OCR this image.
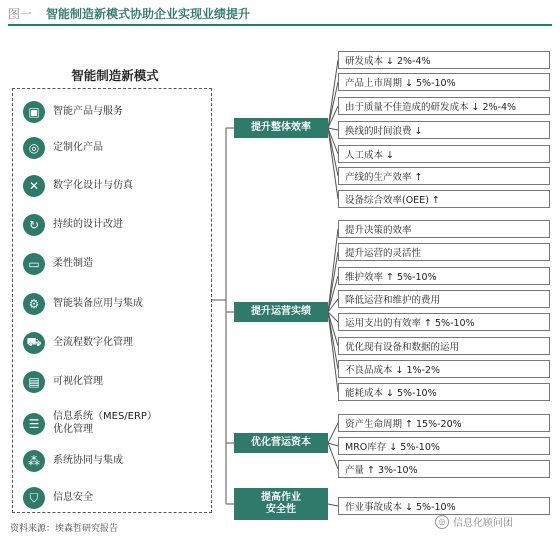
图一 智能制造新模式协助企业实现业绩提升
智能制造新模式
▣	智能产品与服务
◎	定制化产品
✕	数字化设计与仿真
↻	持续的设计改进
▭	柔性制造
⚙	智能装备应用与集成
⛟	全流程数字化管理
▤	可视化管理
☰	信息系统（MES/ERP）
优化管理
⁂	系统协同与集成
⛉	信息安全
提升整体效率
研发成本 ↓ 2%-4%
产品上市周期 ↓ 5%-10%
由于质量不佳造成的研发成本 ↓ 2%-4%
换线的时间浪费 ↓
人工成本 ↓
产线的生产效率 ↑
设备综合效率(OEE) ↑
提升运营实绩
提升决策的效率
提升运营的灵活性
维护效率 ↑ 5%-10%
降低运营和维护的费用
运用支出的有效率 ↑ 5%-10%
优化现有设备和数据的运用
不良品成本 ↓ 1%-2%
能耗成本 ↓ 5%-10%
优化营运资本
资产生命周期 ↑ 15%-20%
MRO库存 ↓ 5%-10%
产量 ↑ 3%-10%
提高作业
安全性	作业事故成本 ↓ 5%-10%
资料来源：埃森哲研究报告
◎ 信息化顾问团
